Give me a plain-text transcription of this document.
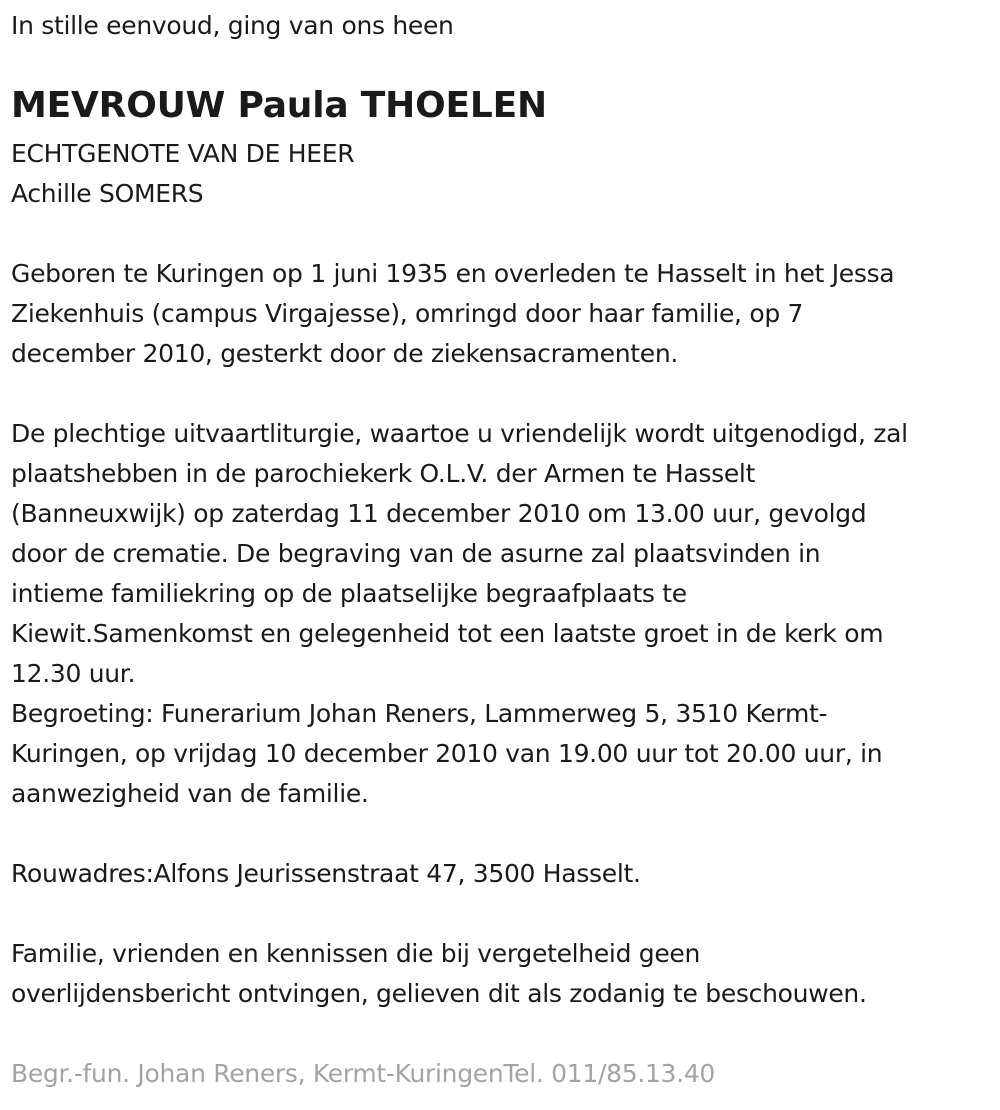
In stille eenvoud, ging van ons heen
MEVROUW Paula THOELEN
ECHTGENOTE VAN DE HEER
Achille SOMERS
Geboren te Kuringen op 1 juni 1935 en overleden te Hasselt in het Jessa
Ziekenhuis (campus Virgajesse), omringd door haar familie, op 7
december 2010, gesterkt door de ziekensacramenten.
De plechtige uitvaartliturgie, waartoe u vriendelijk wordt uitgenodigd, zal
plaatshebben in de parochiekerk O.L.V. der Armen te Hasselt
(Banneuxwijk) op zaterdag 11 december 2010 om 13.00 uur, gevolgd
door de crematie. De begraving van de asurne zal plaatsvinden in
intieme familiekring op de plaatselijke begraafplaats te
Kiewit.Samenkomst en gelegenheid tot een laatste groet in de kerk om
12.30 uur.
Begroeting: Funerarium Johan Reners, Lammerweg 5, 3510 Kermt-
Kuringen, op vrijdag 10 december 2010 van 19.00 uur tot 20.00 uur, in
aanwezigheid van de familie.
Rouwadres:Alfons Jeurissenstraat 47, 3500 Hasselt.
Familie, vrienden en kennissen die bij vergetelheid geen
overlijdensbericht ontvingen, gelieven dit als zodanig te beschouwen.
Begr.-fun. Johan Reners, Kermt-KuringenTel. 011/85.13.40
